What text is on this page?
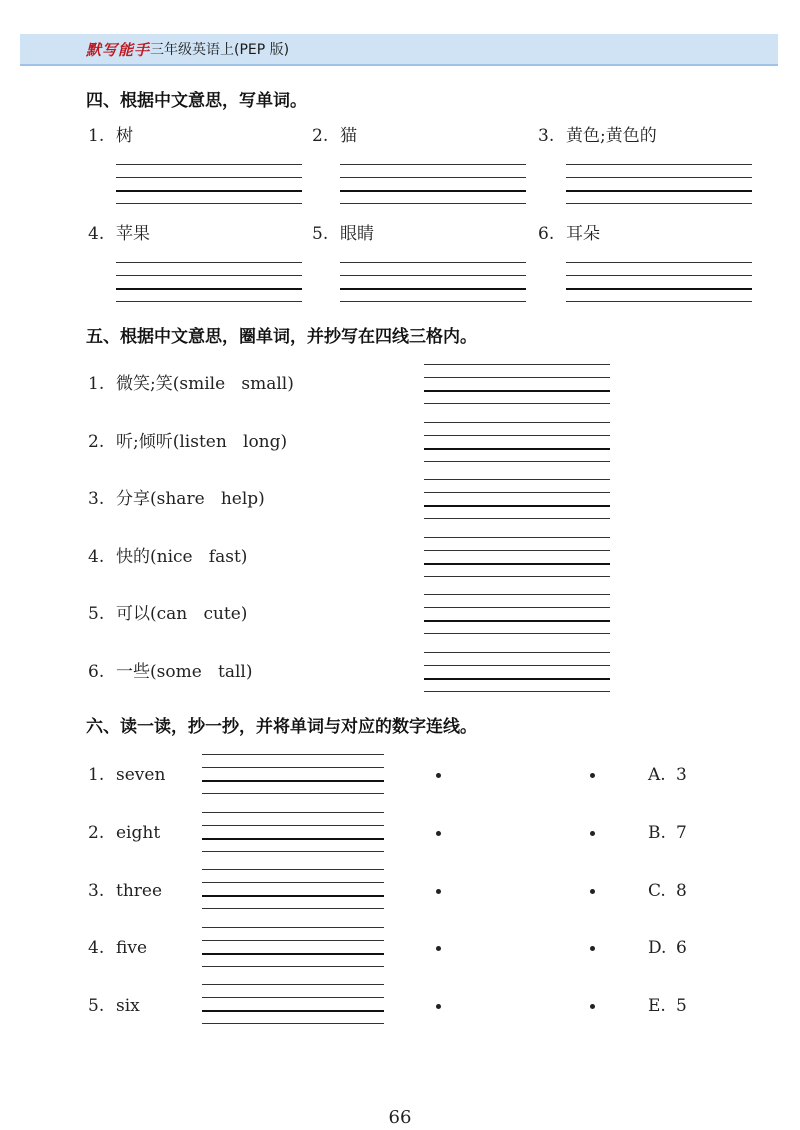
默写能手 三年级英语上(PEP 版)
四、根据中文意思，写单词。
1. 树	2. 猫	3. 黄色;黄色的
4. 苹果	5. 眼睛	6. 耳朵
五、根据中文意思，圈单词，并抄写在四线三格内。
1. 微笑;笑(smile   small)
2. 听;倾听(listen   long)
3. 分享(share   help)
4. 快的(nice   fast)
5. 可以(can   cute)
6. 一些(some   tall)
六、读一读，抄一抄，并将单词与对应的数字连线。
1. seven
2. eight
3. three
4. five
5. six
A. 3
B. 7
C. 8
D. 6
E. 5
66
